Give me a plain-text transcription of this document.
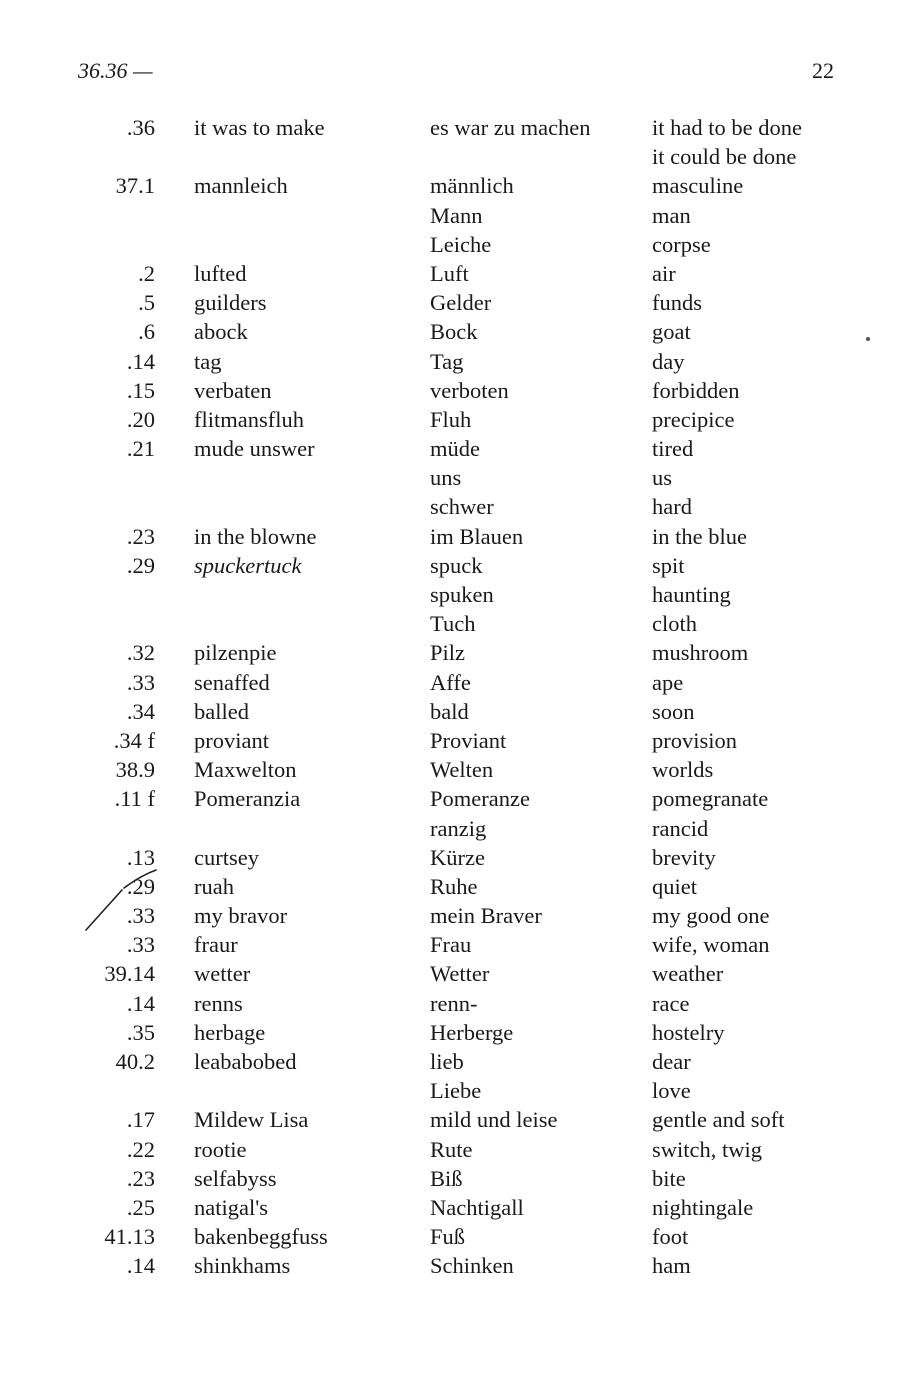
36.36 —	22
.36 it was to make	es war zu machen	it had to be done
it could be done
37.1 mannleich	männlich	masculine
Mann	man
Leiche	corpse
.2 lufted	Luft	air
.5 guilders	Gelder	funds
.6 abock	Bock	goat
.14 tag	Tag	day
.15 verbaten	verboten	forbidden
.20 flitmansfluh	Fluh	precipice
.21 mude unswer	müde	tired
uns	us
schwer	hard
.23 in the blowne	im Blauen	in the blue
.29 spuckertuck	spuck	spit
spuken	haunting
Tuch	cloth
.32 pilzenpie	Pilz	mushroom
.33 senaffed	Affe	ape
.34 balled	bald	soon
.34 f proviant	Proviant	provision
38.9 Maxwelton	Welten	worlds
.11 f Pomeranzia	Pomeranze	pomegranate
ranzig	rancid
.13 curtsey	Kürze	brevity
.29 ruah	Ruhe	quiet
.33 my bravor	mein Braver	my good one
.33 fraur	Frau	wife, woman
39.14 wetter	Wetter	weather
.14 renns	renn-	race
.35 herbage	Herberge	hostelry
40.2 leababobed	lieb	dear
Liebe	love
.17 Mildew Lisa	mild und leise	gentle and soft
.22 rootie	Rute	switch, twig
.23 selfabyss	Biß	bite
.25 natigal's	Nachtigall	nightingale
41.13 bakenbeggfuss	Fuß	foot
.14 shinkhams	Schinken	ham
